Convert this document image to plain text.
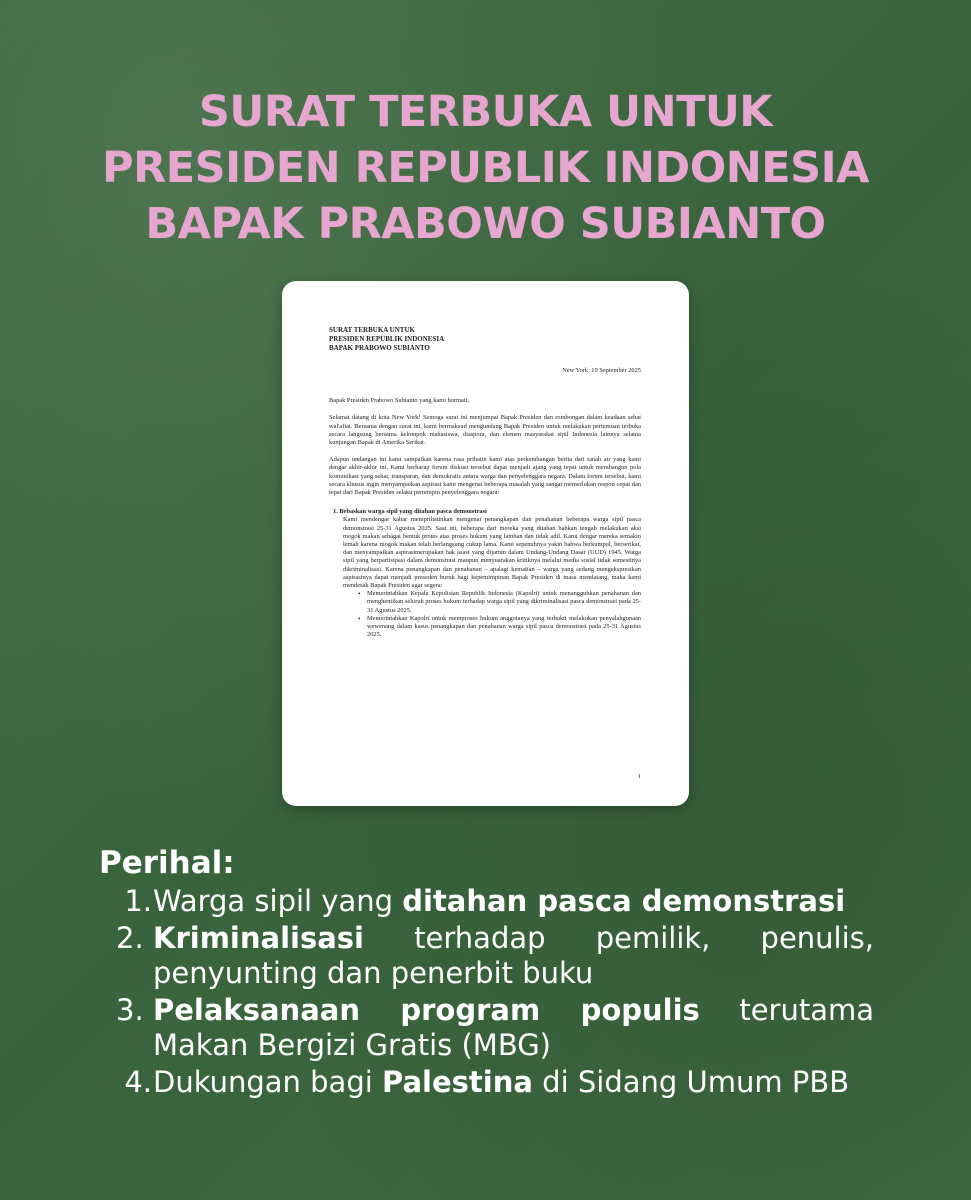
SURAT TERBUKA UNTUK
PRESIDEN REPUBLIK INDONESIA
BAPAK PRABOWO SUBIANTO
SURAT TERBUKA UNTUK
PRESIDEN REPUBLIK INDONESIA
BAPAK PRABOWO SUBIANTO
New York, 19 September 2025
Bapak Presiden Prabowo Subianto yang kami hormati,
Selamat datang di kota New York! Semoga surat ini menjumpai Bapak Presiden dan rombongan dalam keadaan sehat wal'afiat. Bersama dengan surat ini, kami bermaksud mengundang Bapak Presiden untuk melakukan pertemuan terbuka secara langsung bersama kelompok mahasiswa, diaspora, dan elemen masyarakat sipil Indonesia lainnya selama kunjungan Bapak di Amerika Serikat.
Adapun undangan ini kami sampaikan karena rasa prihatin kami atas perkembangan berita dari tanah air yang kami dengar akhir-akhir ini. Kami berharap forum diskusi tersebut dapat menjadi ajang yang tepat untuk membangun pola komunikasi yang sehat, transparan, dan demokratis antara warga dan penyelenggara negara. Dalam forum tersebut, kami secara khusus ingin menyampaikan aspirasi kami mengenai beberapa masalah yang sangat memerlukan respon cepat dan tepat dari Bapak Presiden selaku pemimpin penyelenggara negara:
1. Bebaskan warga sipil yang ditahan pasca demonstrasi
Kami mendengar kabar memprihatinkan mengenai penangkapan dan penahanan beberapa warga sipil pasca demonstrasi 25-31 Agustus 2025. Saat ini, beberapa dari mereka yang ditahan bahkan tengah melakukan aksi mogok makan sebagai bentuk protes atas proses hukum yang lamban dan tidak adil. Kami dengar mereka semakin lemah karena mogok makan telah berlangsung cukup lama. Kami sepenuhnya yakin bahwa berkumpul, berserikat, dan menyampaikan aspirasimerupakan hak asasi yang dijamin dalam Undang-Undang Dasar (UUD) 1945. Warga sipil yang berpartisipasi dalam demonstrasi maupun menyuarakan kritiknya melalui media sosial tidak semestinya dikriminalisasi. Karena penangkapan dan penahanan – apalagi kematian – warga yang sedang mengekspresikan aspirasinya dapat menjadi preseden buruk bagi kepemimpinan Bapak Presiden di masa mendatang, maka kami mendesak Bapak Presiden agar segera:
• Memerintahkan Kepala Kepolisian Republik Indonesia (Kapolri) untuk menangguhkan penahanan dan menghentikan seluruh proses hukum terhadap warga sipil yang dikriminalisasi pasca demonstrasi pada 25-31 Agustus 2025.
• Memerintahkan Kapolri untuk memproses hukum anggotanya yang terbukti melakukan penyalahgunaan wewenang dalam kasus penangkapan dan penahanan warga sipil pasca demonstrasi pada 25-31 Agustus 2025.
1
Perihal:
1. Warga sipil yang ditahan pasca demonstrasi
2. Kriminalisasi terhadap pemilik, penulis, penyunting dan penerbit buku
3. Pelaksanaan program populis terutama Makan Bergizi Gratis (MBG)
4. Dukungan bagi Palestina di Sidang Umum PBB
